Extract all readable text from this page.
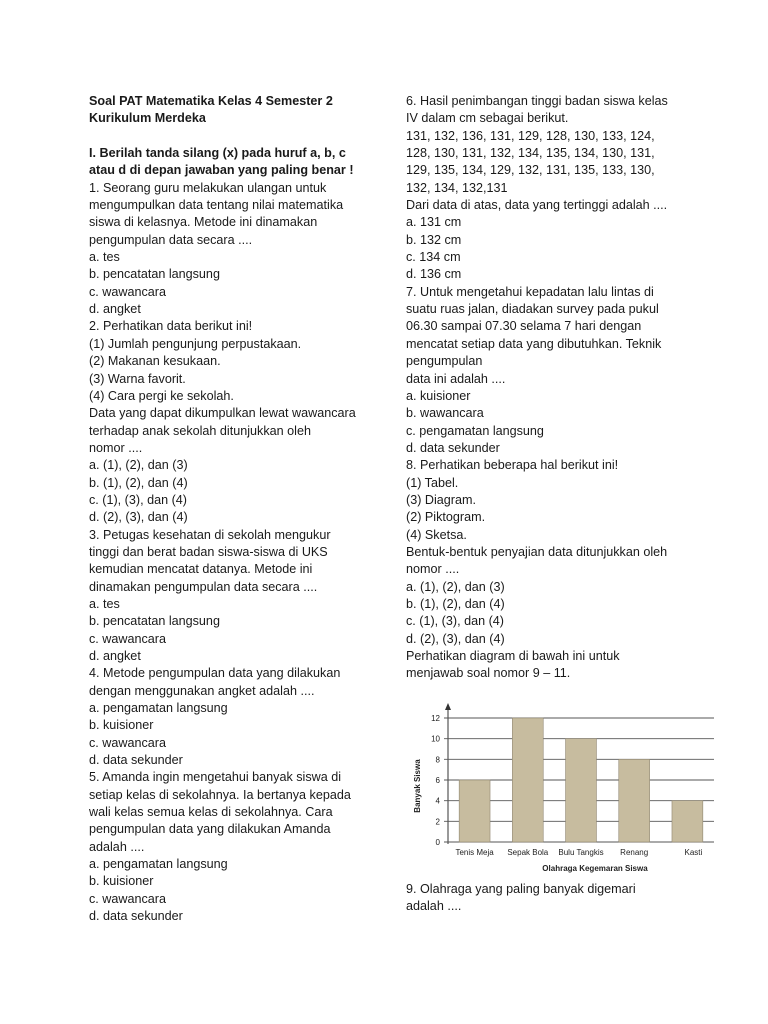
Soal PAT Matematika Kelas 4 Semester 2
Kurikulum Merdeka
I. Berilah tanda silang (x) pada huruf a, b, c
atau d di depan jawaban yang paling benar !
1. Seorang guru melakukan ulangan untuk
mengumpulkan data tentang nilai matematika
siswa di kelasnya. Metode ini dinamakan
pengumpulan data secara ....
a. tes
b. pencatatan langsung
c. wawancara
d. angket
2. Perhatikan data berikut ini!
(1) Jumlah pengunjung perpustakaan.
(2) Makanan kesukaan.
(3) Warna favorit.
(4) Cara pergi ke sekolah.
Data yang dapat dikumpulkan lewat wawancara
terhadap anak sekolah ditunjukkan oleh
nomor ....
a. (1), (2), dan (3)
b. (1), (2), dan (4)
c. (1), (3), dan (4)
d. (2), (3), dan (4)
3. Petugas kesehatan di sekolah mengukur
tinggi dan berat badan siswa-siswa di UKS
kemudian mencatat datanya. Metode ini
dinamakan pengumpulan data secara ....
a. tes
b. pencatatan langsung
c. wawancara
d. angket
4. Metode pengumpulan data yang dilakukan
dengan menggunakan angket adalah ....
a. pengamatan langsung
b. kuisioner
c. wawancara
d. data sekunder
5. Amanda ingin mengetahui banyak siswa di
setiap kelas di sekolahnya. Ia bertanya kepada
wali kelas semua kelas di sekolahnya. Cara
pengumpulan data yang dilakukan Amanda
adalah ....
a. pengamatan langsung
b. kuisioner
c. wawancara
d. data sekunder
6. Hasil penimbangan tinggi badan siswa kelas
IV dalam cm sebagai berikut.
131, 132, 136, 131, 129, 128, 130, 133, 124,
128, 130, 131, 132, 134, 135, 134, 130, 131,
129, 135, 134, 129, 132, 131, 135, 133, 130,
132, 134, 132,131
Dari data di atas, data yang tertinggi adalah ....
a. 131 cm
b. 132 cm
c. 134 cm
d. 136 cm
7. Untuk mengetahui kepadatan lalu lintas di
suatu ruas jalan, diadakan survey pada pukul
06.30 sampai 07.30 selama 7 hari dengan
mencatat setiap data yang dibutuhkan. Teknik
pengumpulan
data ini adalah ....
a. kuisioner
b. wawancara
c. pengamatan langsung
d. data sekunder
8. Perhatikan beberapa hal berikut ini!
(1) Tabel.
(3) Diagram.
(2) Piktogram.
(4) Sketsa.
Bentuk-bentuk penyajian data ditunjukkan oleh
nomor ....
a. (1), (2), dan (3)
b. (1), (2), dan (4)
c. (1), (3), dan (4)
d. (2), (3), dan (4)
Perhatikan diagram di bawah ini untuk
menjawab soal nomor 9 – 11.
0
2
4
6
8
10
12
Tenis Meja Sepak Bola Bulu Tangkis Renang	Kasti
Olahraga Kegemaran Siswa
Banyak Siswa
9. Olahraga yang paling banyak digemari
adalah ....
